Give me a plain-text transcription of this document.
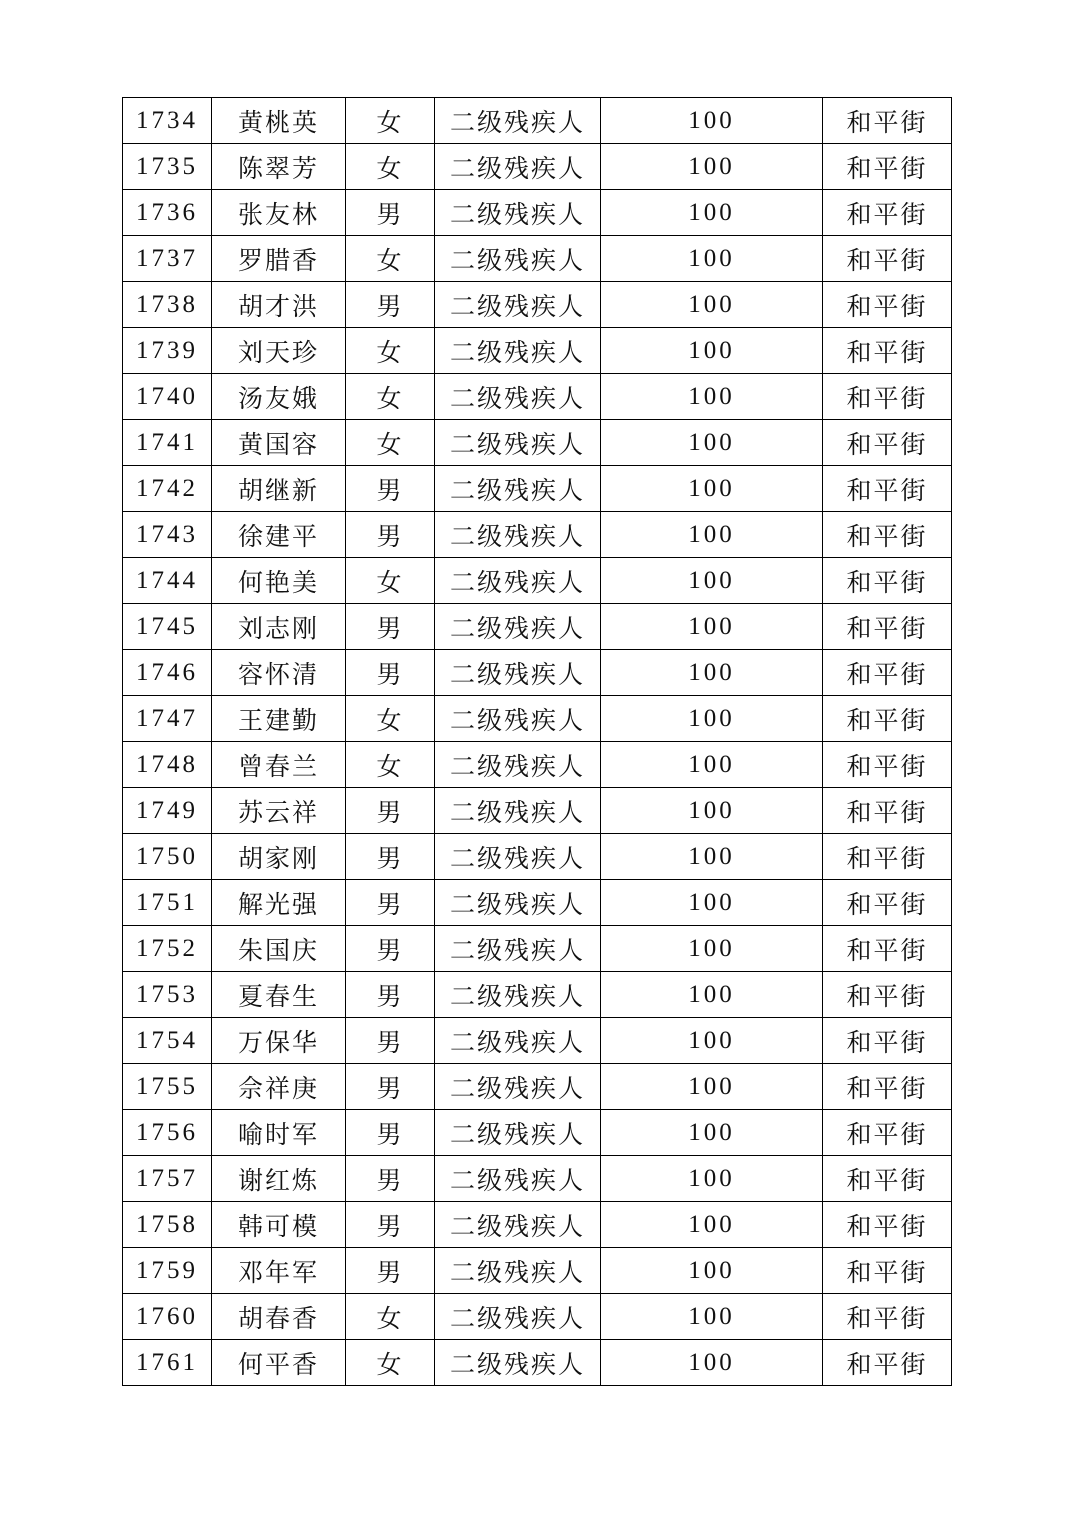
1734	黄桃英	女	二级残疾人	100	和平街
1735	陈翠芳	女	二级残疾人	100	和平街
1736	张友林	男	二级残疾人	100	和平街
1737	罗腊香	女	二级残疾人	100	和平街
1738	胡才洪	男	二级残疾人	100	和平街
1739	刘天珍	女	二级残疾人	100	和平街
1740	汤友娥	女	二级残疾人	100	和平街
1741	黄国容	女	二级残疾人	100	和平街
1742	胡继新	男	二级残疾人	100	和平街
1743	徐建平	男	二级残疾人	100	和平街
1744	何艳美	女	二级残疾人	100	和平街
1745	刘志刚	男	二级残疾人	100	和平街
1746	容怀清	男	二级残疾人	100	和平街
1747	王建勤	女	二级残疾人	100	和平街
1748	曾春兰	女	二级残疾人	100	和平街
1749	苏云祥	男	二级残疾人	100	和平街
1750	胡家刚	男	二级残疾人	100	和平街
1751	解光强	男	二级残疾人	100	和平街
1752	朱国庆	男	二级残疾人	100	和平街
1753	夏春生	男	二级残疾人	100	和平街
1754	万保华	男	二级残疾人	100	和平街
1755	佘祥庚	男	二级残疾人	100	和平街
1756	喻时军	男	二级残疾人	100	和平街
1757	谢红炼	男	二级残疾人	100	和平街
1758	韩可模	男	二级残疾人	100	和平街
1759	邓年军	男	二级残疾人	100	和平街
1760	胡春香	女	二级残疾人	100	和平街
1761	何平香	女	二级残疾人	100	和平街
